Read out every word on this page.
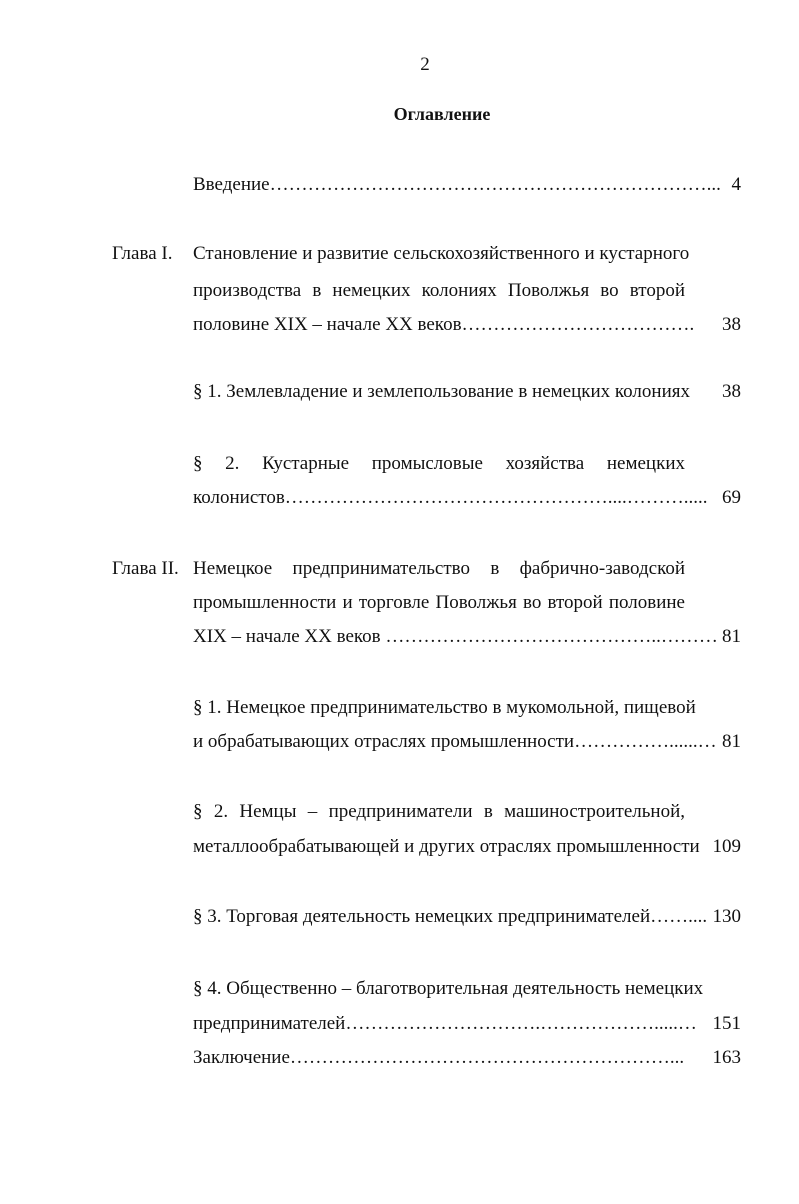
2
Оглавление
Введение……………………………………………………………... 4
Глава I. Становление и развитие сельскохозяйственного и кустарного
производства в немецких колониях Поволжья во второй
половине XIX – начале XX веков………………………………. 38
§ 1. Землевладение и землепользование в немецких колониях 38
§ 2. Кустарные промысловые хозяйства немецких
колонистов……………………………………………....………..... 69
Глава II. Немецкое предпринимательство в фабрично-заводской
промышленности и торговле Поволжья во второй половине
XIX – начале XX веков ……………………………………..……… 81
§ 1. Немецкое предпринимательство в мукомольной, пищевой
и обрабатывающих отраслях промышленности……………......… 81
§ 2. Немцы – предприниматели в машиностроительной,
металлообрабатывающей и других отраслях промышленности 109
§ 3. Торговая деятельность немецких предпринимателей…….... 130
§ 4. Общественно – благотворительная деятельность немецких
предпринимателей………………………….……………….....… 151
Заключение……………………………………………………... 163
